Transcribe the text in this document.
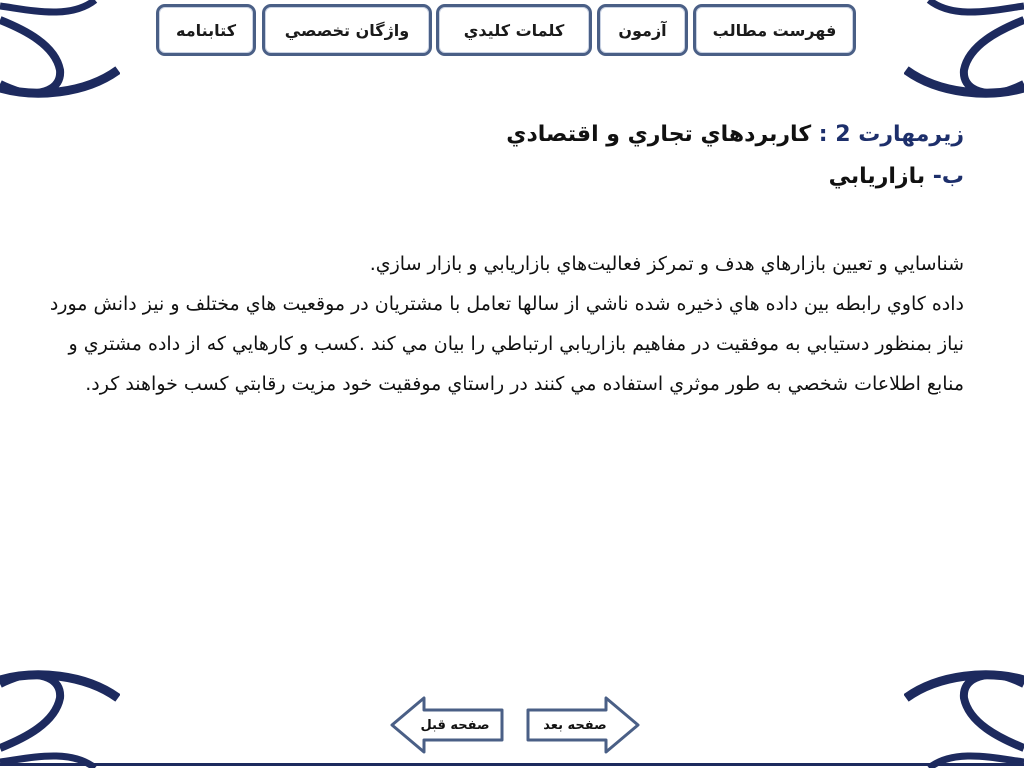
فهرست مطالب
آزمون
كلمات كليدي
واژگان تخصصي
كتابنامه
زيرمهارت 2 : كاربردهاي تجاري و اقتصادي
ب- بازاريابي
شناسايي و تعيين بازارهاي هدف و تمركز فعاليت‌هاي بازاريابي و بازار سازي.
داده كاوي رابطه بين داده هاي ذخيره شده ناشي از سالها تعامل با مشتريان در موقعيت هاي مختلف و نيز دانش مورد نياز بمنظور دستيابي به موفقيت در مفاهيم بازاريابي ارتباطي را بيان مي كند .كسب و كارهايي كه از داده مشتري و منابع اطلاعات شخصي به طور موثري استفاده مي كنند در راستاي موفقيت خود مزيت رقابتي كسب خواهند كرد.
صفحه قبل	صفحه بعد
